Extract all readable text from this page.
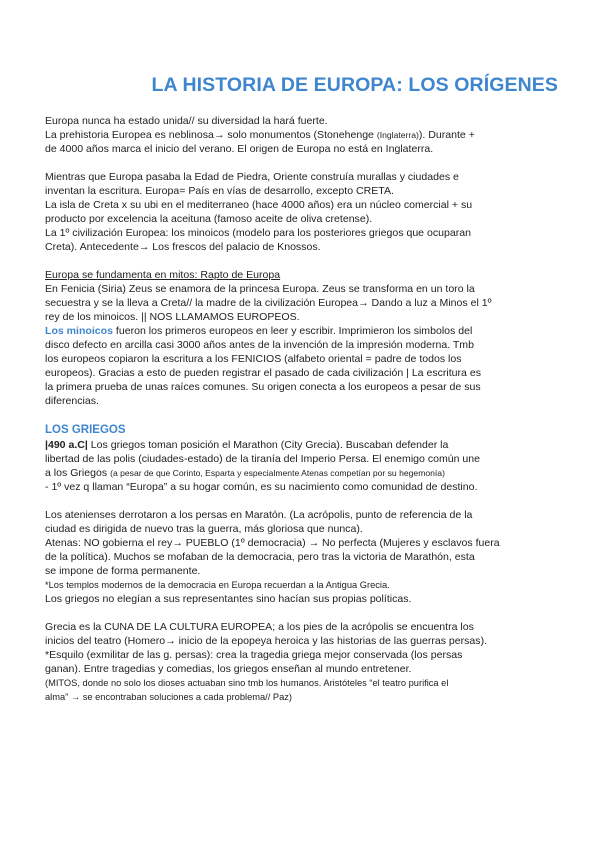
LA HISTORIA DE EUROPA: LOS ORÍGENES
Europa nunca ha estado unida// su diversidad la hará fuerte.
La prehistoria Europea es neblinosa→ solo monumentos (Stonehenge (Inglaterra)). Durante +
de 4000 años marca el inicio del verano. El origen de Europa no está en Inglaterra.
Mientras que Europa pasaba la Edad de Piedra, Oriente construía murallas y ciudades e
inventan la escritura. Europa= País en vías de desarrollo, excepto CRETA.
La isla de Creta x su ubi en el mediterraneo (hace 4000 años) era un núcleo comercial + su
producto por excelencia la aceituna (famoso aceite de oliva cretense).
La 1º civilización Europea: los minoicos (modelo para los posteriores griegos que ocuparan
Creta). Antecedente→ Los frescos del palacio de Knossos.
Europa se fundamenta en mitos: Rapto de Europa
En Fenicia (Siria) Zeus se enamora de la princesa Europa. Zeus se transforma en un toro la
secuestra y se la lleva a Creta// la madre de la civilización Europea→ Dando a luz a Minos el 1º
rey de los minoicos. || NOS LLAMAMOS EUROPEOS.
Los minoicos fueron los primeros europeos en leer y escribir. Imprimieron los simbolos del
disco defecto en arcilla casi 3000 años antes de la invención de la impresión moderna. Tmb
los europeos copiaron la escritura a los FENICIOS (alfabeto oriental = padre de todos los
europeos). Gracias a esto de pueden registrar el pasado de cada civilización | La escritura es
la primera prueba de unas raíces comunes. Su origen conecta a los europeos a pesar de sus
diferencias.
LOS GRIEGOS
|490 a.C| Los griegos toman posición el Marathon (City Grecia). Buscaban defender la
libertad de las polis (ciudades-estado) de la tiranía del Imperio Persa. El enemigo común une
a los Griegos (a pesar de que Corinto, Esparta y especialmente Atenas competían por su hegemonía)
- 1º vez q llaman “Europa” a su hogar común, es su nacimiento como comunidad de destino.
Los atenienses derrotaron a los persas en Maratón. (La acrópolis, punto de referencia de la
ciudad es dirigida de nuevo tras la guerra, más gloriosa que nunca).
Atenas: NO gobierna el rey→ PUEBLO (1º democracia) → No perfecta (Mujeres y esclavos fuera
de la política). Muchos se mofaban de la democracia, pero tras la victoria de Marathón, esta
se impone de forma permanente.
*Los templos modernos de la democracia en Europa recuerdan a la Antigua Grecia.
Los griegos no elegían a sus representantes sino hacían sus propias políticas.
Grecia es la CUNA DE LA CULTURA EUROPEA; a los pies de la acrópolis se encuentra los
inicios del teatro (Homero→ inicio de la epopeya heroica y las historias de las guerras persas).
*Esquilo (exmilitar de las g. persas): crea la tragedia griega mejor conservada (los persas
ganan). Entre tragedias y comedias, los griegos enseñan al mundo entretener.
(MITOS, donde no solo los dioses actuaban sino tmb los humanos. Aristóteles “el teatro purifica el
alma” → se encontraban soluciones a cada problema// Paz)
